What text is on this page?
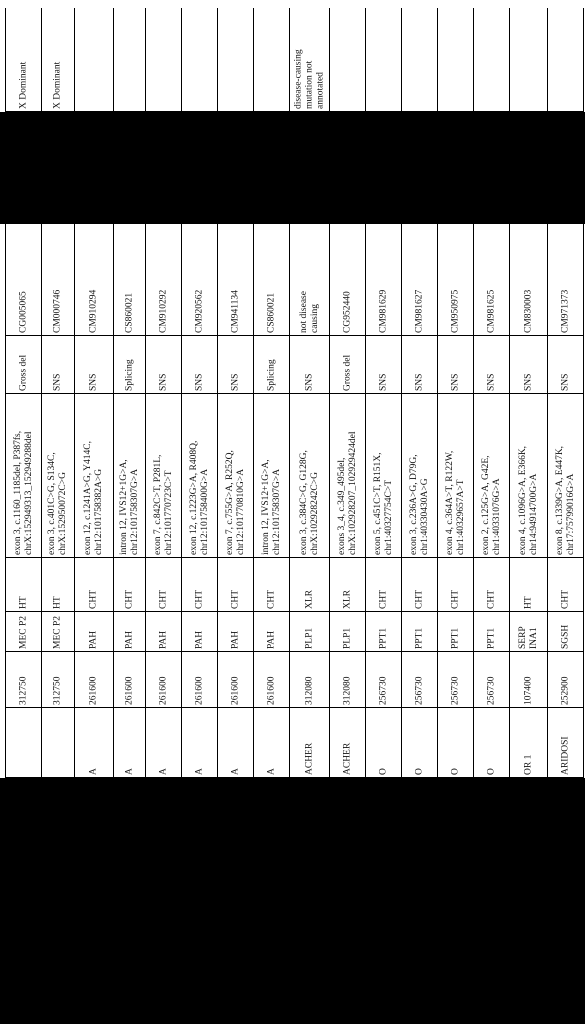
X Dominant
CG005065
Gross del
exon 3, c.1160_1185del, P387fs,
chrX:152949313_152949288del
HT
MEC P2
312750
X Dominant
CM000746
SNS
exon 3, c.401C>G, S134C,
chrX:152950072C>G
HT
MEC P2
312750
CM910294
SNS
exon 12, c.1241A>G, Y414C,
chr12:101758382A>G
CHT
PAH
261600
A
CS860021
Splicing
intron 12, IVS12+1G>A,
chr12:101758307G>A
CHT
PAH
261600
A
CM910292
SNS
exon 7, c.842C>T, P281L,
chr12:101770723C>T
CHT
PAH
261600
A
CM920562
SNS
exon 12, c.1223G>A, R408Q,
chr12:101758400G>A
CHT
PAH
261600
A
CM941134
SNS
exon 7, c.755G>A, R252Q,
chr12:101770810G>A
CHT
PAH
261600
A
CS860021
Splicing
intron 12, IVS12+1G>A,
chr12:101758307G>A
CHT
PAH
261600
A
disease-causing
mutation not
annotated
not disease
causing
SNS
exon 3, c.384C>G, G128G,
chrX:102928242C>G
XLR
PLP1
312080
ACHER
CG952440
Gross del
exons 3_4, c.349_495del,
chrX:102928207_102929424del
XLR
PLP1
312080
ACHER
CM981629
SNS
exon 5, c.451C>T, R151X,
chr1:40327754C>T
CHT
PPT1
256730
O
CM981627
SNS
exon 3, c.236A>G, D79G,
chr1:40330430A>G
CHT
PPT1
256730
O
CM950975
SNS
exon 4, c.364A>T, R122W,
chr1:40329657A>T
CHT
PPT1
256730
O
CM981625
SNS
exon 2, c.125G>A, G42E,
chr1:40331076G>A
CHT
PPT1
256730
O
CM830003
SNS
exon 4, c.1096G>A, E366K,
chr14:94914700G>A
HT
SERP INA1
107400
OR 1
CM971373
SNS
exon 8, c.1339G>A, E447K,
chr17:75799016G>A
CHT
SGSH
252900
ARIDOSI
